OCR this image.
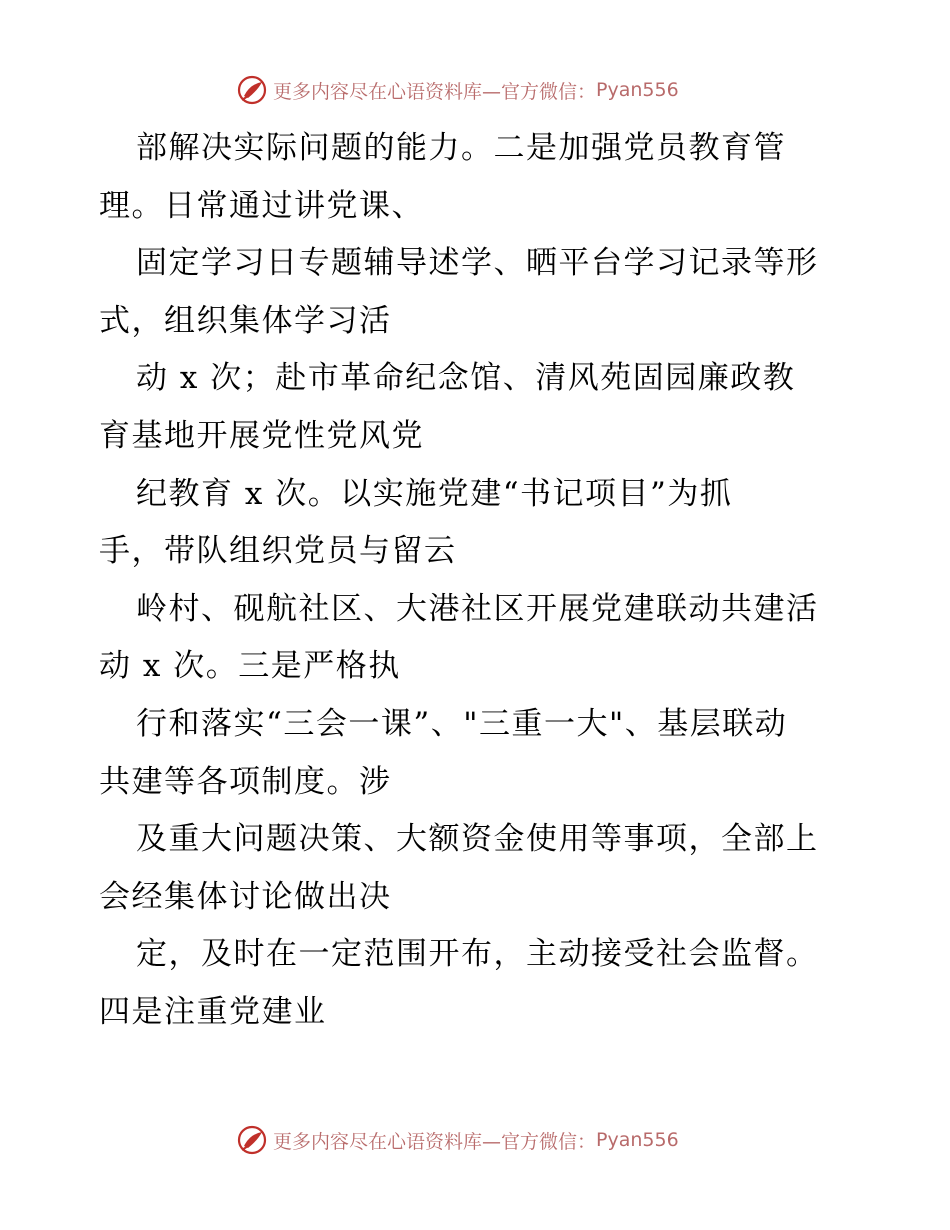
更多内容尽在心语资料库—官方微信： Pyan556
部解决实际问题的能力。二是加强党员教育管
理。日常通过讲党课、
固定学习日专题辅导述学、晒平台学习记录等形
式，组织集体学习活
动 x 次；赴市革命纪念馆、清风苑固园廉政教
育基地开展党性党风党
纪教育 x 次。以实施党建“书记项目”为抓
手，带队组织党员与留云
岭村、砚航社区、大港社区开展党建联动共建活
动 x 次。三是严格执
行和落实“三会一课”、"三重一大"、基层联动
共建等各项制度。涉
及重大问题决策、大额资金使用等事项，全部上
会经集体讨论做出决
定，及时在一定范围开布，主动接受社会监督。
四是注重党建业
更多内容尽在心语资料库—官方微信： Pyan556
